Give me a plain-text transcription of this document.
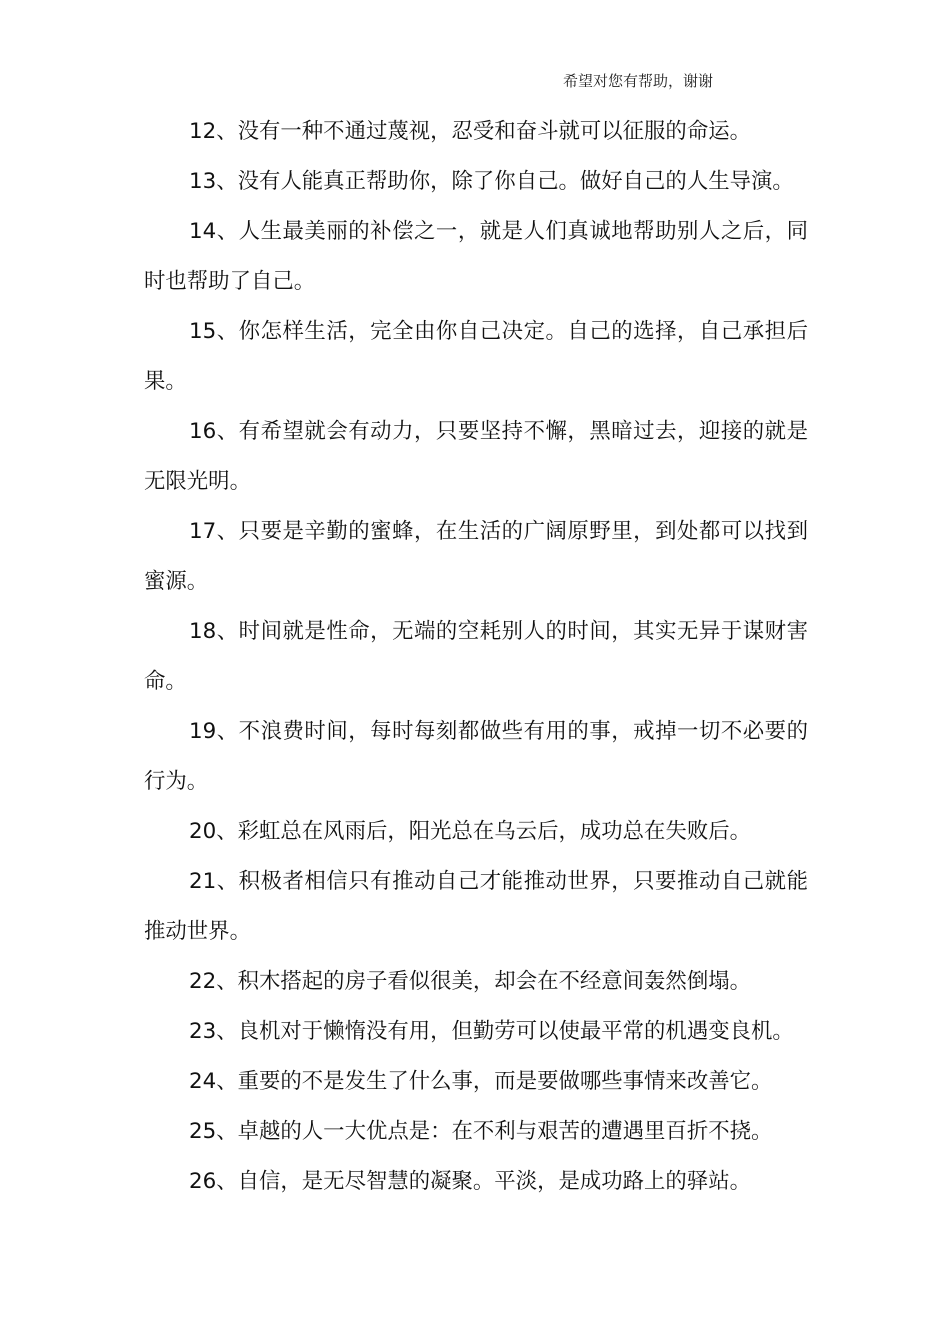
希望对您有帮助，谢谢

12、没有一种不通过蔑视，忍受和奋斗就可以征服的命运。

13、没有人能真正帮助你，除了你自己。做好自己的人生导演。

14、人生最美丽的补偿之一，就是人们真诚地帮助别人之后，同时也帮助了自己。

15、你怎样生活，完全由你自己决定。自己的选择，自己承担后果。

16、有希望就会有动力，只要坚持不懈，黑暗过去，迎接的就是无限光明。

17、只要是辛勤的蜜蜂，在生活的广阔原野里，到处都可以找到蜜源。

18、时间就是性命，无端的空耗别人的时间，其实无异于谋财害命。

19、不浪费时间，每时每刻都做些有用的事，戒掉一切不必要的行为。

20、彩虹总在风雨后，阳光总在乌云后，成功总在失败后。

21、积极者相信只有推动自己才能推动世界，只要推动自己就能推动世界。

22、积木搭起的房子看似很美，却会在不经意间轰然倒塌。

23、良机对于懒惰没有用，但勤劳可以使最平常的机遇变良机。

24、重要的不是发生了什么事，而是要做哪些事情来改善它。

25、卓越的人一大优点是：在不利与艰苦的遭遇里百折不挠。

26、自信，是无尽智慧的凝聚。平淡，是成功路上的驿站。
